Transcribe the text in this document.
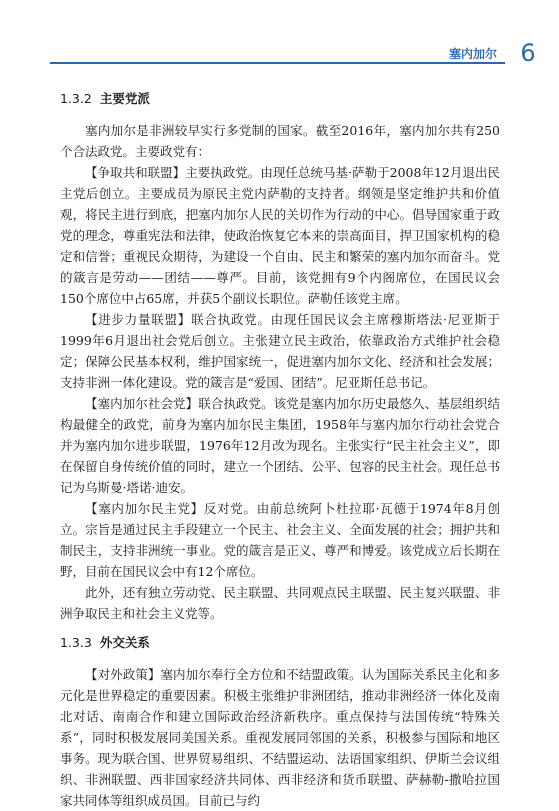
塞内加尔 6
1.3.2 主要党派

塞内加尔是非洲较早实行多党制的国家。截至2016年，塞内加尔共有250个合法政党。主要政党有：

【争取共和联盟】主要执政党。由现任总统马基·萨勒于2008年12月退出民主党后创立。主要成员为原民主党内萨勒的支持者。纲领是坚定维护共和价值观，将民主进行到底，把塞内加尔人民的关切作为行动的中心。倡导国家重于政党的理念，尊重宪法和法律，使政治恢复它本来的崇高面目，捍卫国家机构的稳定和信誉；重视民众期待，为建设一个自由、民主和繁荣的塞内加尔而奋斗。党的箴言是劳动——团结——尊严。目前，该党拥有9个内阁席位，在国民议会150个席位中占65席，并获5个副议长职位。萨勒任该党主席。

【进步力量联盟】联合执政党。由现任国民议会主席穆斯塔法·尼亚斯于1999年6月退出社会党后创立。主张建立民主政治，依靠政治方式维护社会稳定；保障公民基本权利，维护国家统一，促进塞内加尔文化、经济和社会发展；支持非洲一体化建设。党的箴言是“爱国、团结”。尼亚斯任总书记。

【塞内加尔社会党】联合执政党。该党是塞内加尔历史最悠久、基层组织结构最健全的政党，前身为塞内加尔民主集团，1958年与塞内加尔行动社会党合并为塞内加尔进步联盟，1976年12月改为现名。主张实行“民主社会主义”，即在保留自身传统价值的同时，建立一个团结、公平、包容的民主社会。现任总书记为乌斯曼·塔诺·迪安。

【塞内加尔民主党】反对党。由前总统阿卜杜拉耶·瓦德于1974年8月创立。宗旨是通过民主手段建立一个民主、社会主义、全面发展的社会；拥护共和制民主，支持非洲统一事业。党的箴言是正义、尊严和博爱。该党成立后长期在野，目前在国民议会中有12个席位。

此外，还有独立劳动党、民主联盟、共同观点民主联盟、民主复兴联盟、非洲争取民主和社会主义党等。

1.3.3 外交关系

【对外政策】塞内加尔奉行全方位和不结盟政策。认为国际关系民主化和多元化是世界稳定的重要因素。积极主张维护非洲团结，推动非洲经济一体化及南北对话、南南合作和建立国际政治经济新秩序。重点保持与法国传统“特殊关系”，同时积极发展同美国关系。重视发展同邻国的关系，积极参与国际和地区事务。现为联合国、世界贸易组织、不结盟运动、法语国家组织、伊斯兰会议组织、非洲联盟、西非国家经济共同体、西非经济和货币联盟、萨赫勒-撒哈拉国家共同体等组织成员国。目前已与约
